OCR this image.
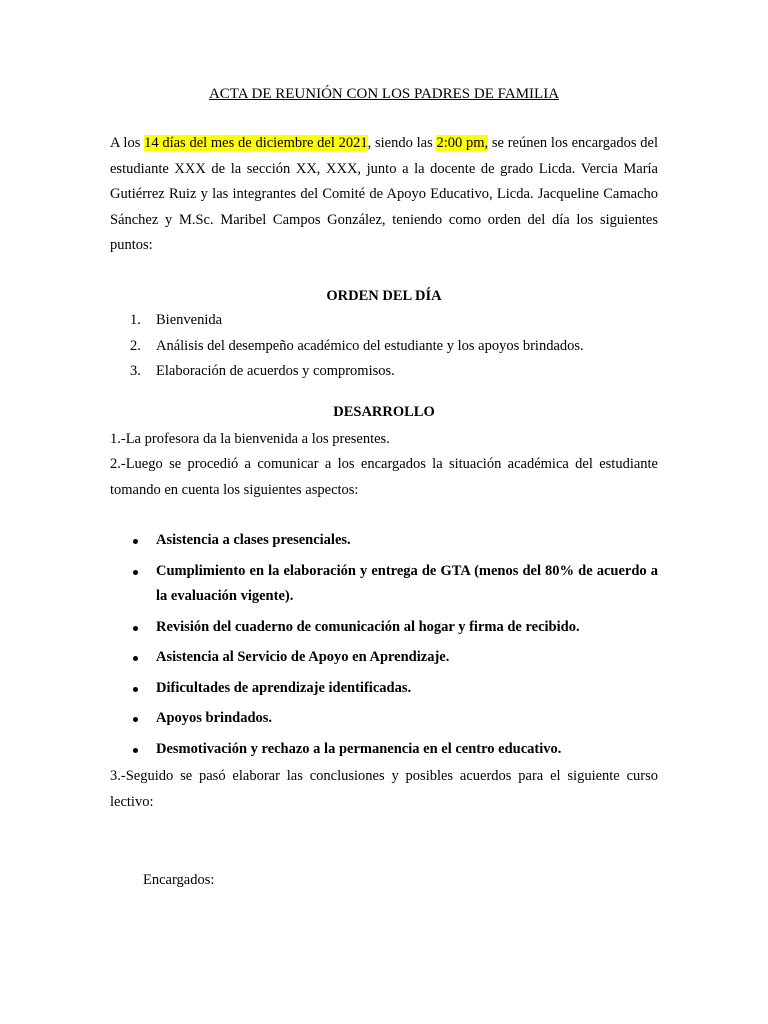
ACTA DE REUNIÓN CON LOS PADRES DE FAMILIA
A los 14 días del mes de diciembre del 2021, siendo las 2:00 pm, se reúnen los encargados del estudiante XXX de la sección XX, XXX, junto a la docente de grado Licda. Vercia María Gutiérrez Ruiz y las integrantes del Comité de Apoyo Educativo, Licda. Jacqueline Camacho Sánchez y M.Sc. Maribel Campos González, teniendo como orden del día los siguientes puntos:
ORDEN DEL DÍA
1. Bienvenida
2. Análisis del desempeño académico del estudiante y los apoyos brindados.
3. Elaboración de acuerdos y compromisos.
DESARROLLO
1.-La profesora da la bienvenida a los presentes.
2.-Luego se procedió a comunicar a los encargados la situación académica del estudiante tomando en cuenta los siguientes aspectos:
Asistencia a clases presenciales.
Cumplimiento en la elaboración y entrega de GTA (menos del 80% de acuerdo a la evaluación vigente).
Revisión del cuaderno de comunicación al hogar y firma de recibido.
Asistencia al Servicio de Apoyo en Aprendizaje.
Dificultades de aprendizaje identificadas.
Apoyos brindados.
Desmotivación y rechazo a la permanencia en el centro educativo.
3.-Seguido se pasó elaborar las conclusiones y posibles acuerdos para el siguiente curso lectivo:
Encargados:
